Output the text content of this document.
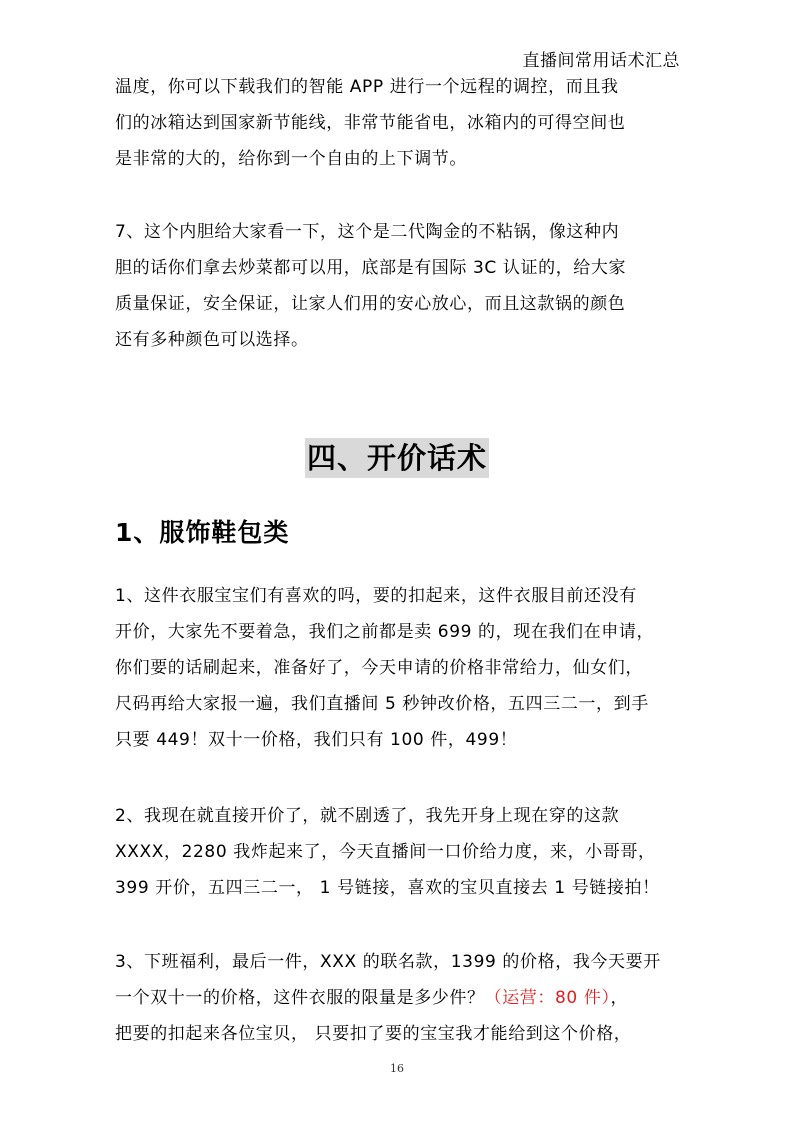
直播间常用话术汇总
温度，你可以下载我们的智能 APP 进行一个远程的调控，而且我
们的冰箱达到国家新节能线，非常节能省电，冰箱内的可得空间也
是非常的大的，给你到一个自由的上下调节。
7、这个内胆给大家看一下，这个是二代陶金的不粘锅，像这种内
胆的话你们拿去炒菜都可以用，底部是有国际 3C 认证的，给大家
质量保证，安全保证，让家人们用的安心放心，而且这款锅的颜色
还有多种颜色可以选择。
四、开价话术
1、服饰鞋包类
1、这件衣服宝宝们有喜欢的吗，要的扣起来，这件衣服目前还没有
开价，大家先不要着急，我们之前都是卖 699 的，现在我们在申请，
你们要的话刷起来，准备好了，今天申请的价格非常给力，仙女们，
尺码再给大家报一遍，我们直播间 5 秒钟改价格，五四三二一，到手
只要 449！双十一价格，我们只有 100 件，499！
2、我现在就直接开价了，就不剧透了，我先开身上现在穿的这款
XXXX，2280 我炸起来了，今天直播间一口价给力度，来，小哥哥，
399 开价，五四三二一， 1 号链接，喜欢的宝贝直接去 1 号链接拍！
3、下班福利，最后一件，XXX 的联名款，1399 的价格，我今天要开
一个双十一的价格，这件衣服的限量是多少件？（运营：80 件），
把要的扣起来各位宝贝， 只要扣了要的宝宝我才能给到这个价格，
16
